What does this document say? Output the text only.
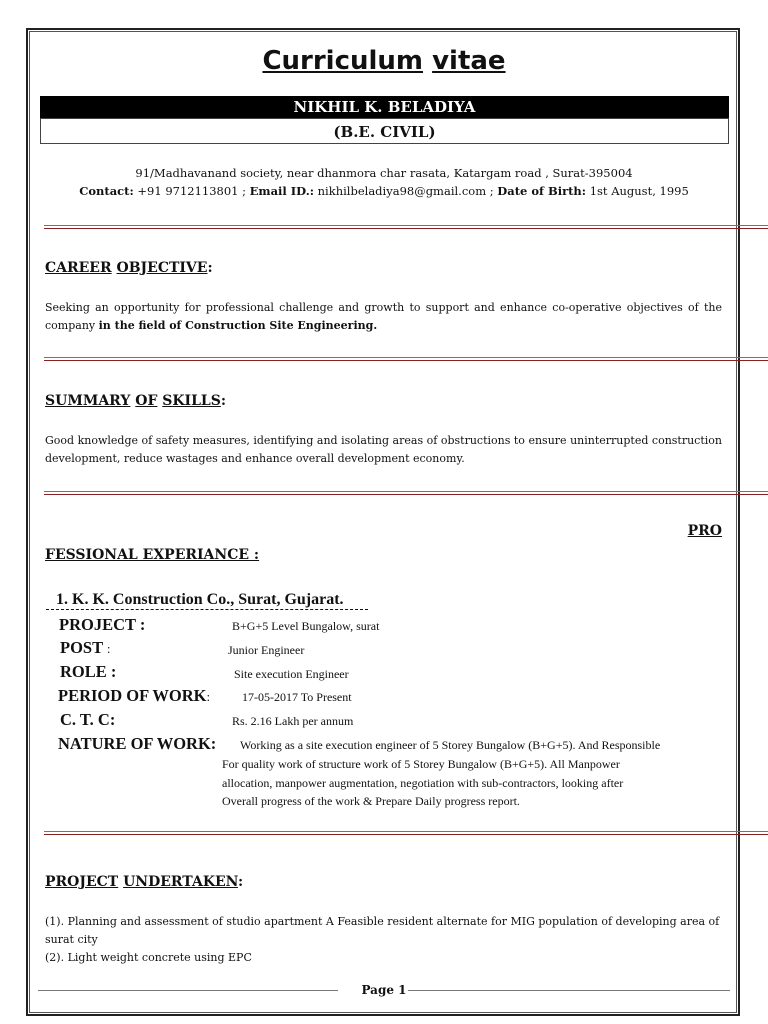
Curriculum vitae
NIKHIL K. BELADIYA
(B.E. CIVIL)
91/Madhavanand society, near dhanmora char rasata, Katargam road , Surat-395004
Contact: +91 9712113801 ; Email ID.: nikhilbeladiya98@gmail.com ; Date of Birth: 1st August, 1995
CAREER OBJECTIVE:
Seeking an opportunity for professional challenge and growth to support and enhance co-operative objectives of the company in the field of Construction Site Engineering.
SUMMARY OF SKILLS:
Good knowledge of safety measures, identifying and isolating areas of obstructions to ensure uninterrupted construction development, reduce wastages and enhance overall development economy.
PRO
FESSIONAL EXPERIANCE :
1. K. K. Construction Co., Surat, Gujarat.
PROJECT :	B+G+5 Level Bungalow, surat
POST :	Junior Engineer
ROLE :	Site execution Engineer
PERIOD OF WORK:	17-05-2017 To Present
C. T. C:	Rs. 2.16 Lakh per annum
NATURE OF WORK: Working as a site execution engineer of 5 Storey Bungalow (B+G+5). And Responsible
For quality work of structure work of 5 Storey Bungalow (B+G+5). All Manpower
allocation, manpower augmentation, negotiation with sub-contractors, looking after
Overall progress of the work & Prepare Daily progress report.
PROJECT UNDERTAKEN:
(1). Planning and assessment of studio apartment A Feasible resident alternate for MIG population of developing area of surat city
(2). Light weight concrete using EPC
Page 1
